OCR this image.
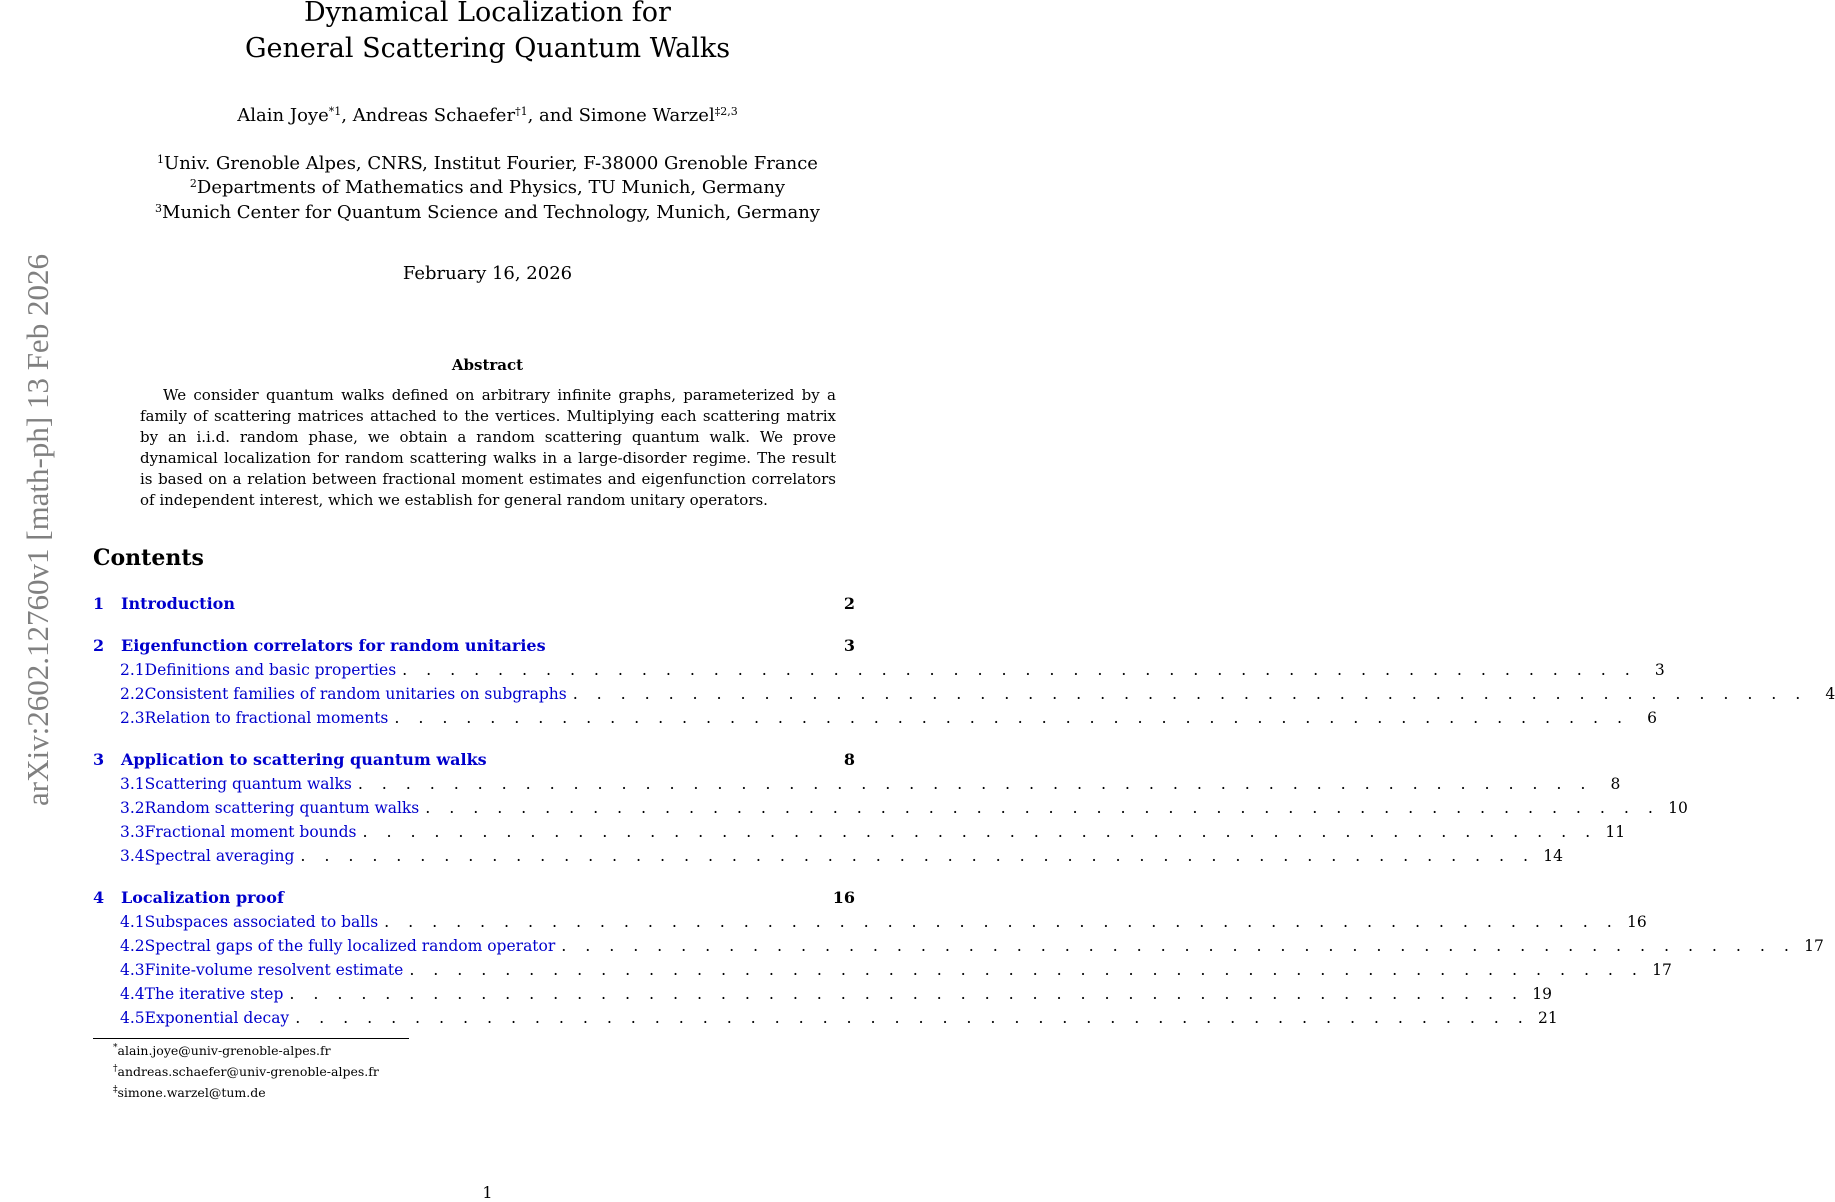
arXiv:2602.12760v1 [math-ph] 13 Feb 2026
Dynamical Localization for
General Scattering Quantum Walks
Alain Joye$^{*1}$, Andreas Schaefer$^{\dagger 1}$, and Simone Warzel$^{\ddagger 2,3}$
$^1$Univ. Grenoble Alpes, CNRS, Institut Fourier, F-38000 Grenoble France
$^2$Departments of Mathematics and Physics, TU Munich, Germany
$^3$Munich Center for Quantum Science and Technology, Munich, Germany
February 16, 2026
Abstract
We consider quantum walks defined on arbitrary infinite graphs, parameterized by a family of scattering matrices attached to the vertices. Multiplying each scattering matrix by an i.i.d. random phase, we obtain a random scattering quantum walk. We prove dynamical localization for random scattering walks in a large-disorder regime. The result is based on a relation between fractional moment estimates and eigenfunction correlators of independent interest, which we establish for general random unitary operators.
Contents
1	Introduction	2
2	Eigenfunction correlators for random unitaries	3
2.1 Definitions and basic properties . . . . . . . . . . . . . . . . . . . . . . . . . . . . . . . . . . . . . . . . . . . . . . . . . . . .	3
2.2 Consistent families of random unitaries on subgraphs . . . . . . . . . . . . . . . . . . . . . . . . . . . . . . . . . . . . . . . . . . . . . . . . . . . .	4
2.3 Relation to fractional moments . . . . . . . . . . . . . . . . . . . . . . . . . . . . . . . . . . . . . . . . . . . . . . . . . . . .	6
3	Application to scattering quantum walks	8
3.1 Scattering quantum walks . . . . . . . . . . . . . . . . . . . . . . . . . . . . . . . . . . . . . . . . . . . . . . . . . . . .	8
3.2 Random scattering quantum walks . . . . . . . . . . . . . . . . . . . . . . . . . . . . . . . . . . . . . . . . . . . . . . . . . . . . 10
3.3 Fractional moment bounds . . . . . . . . . . . . . . . . . . . . . . . . . . . . . . . . . . . . . . . . . . . . . . . . . . . . 11
3.4 Spectral averaging . . . . . . . . . . . . . . . . . . . . . . . . . . . . . . . . . . . . . . . . . . . . . . . . . . . . 14
4	Localization proof	16
4.1 Subspaces associated to balls . . . . . . . . . . . . . . . . . . . . . . . . . . . . . . . . . . . . . . . . . . . . . . . . . . . . 16
4.2 Spectral gaps of the fully localized random operator . . . . . . . . . . . . . . . . . . . . . . . . . . . . . . . . . . . . . . . . . . . . . . . . . . . . 17
4.3 Finite-volume resolvent estimate . . . . . . . . . . . . . . . . . . . . . . . . . . . . . . . . . . . . . . . . . . . . . . . . . . . . 17
4.4 The iterative step . . . . . . . . . . . . . . . . . . . . . . . . . . . . . . . . . . . . . . . . . . . . . . . . . . . . 19
4.5 Exponential decay . . . . . . . . . . . . . . . . . . . . . . . . . . . . . . . . . . . . . . . . . . . . . . . . . . . . 21
*alain.joye@univ-grenoble-alpes.fr
†andreas.schaefer@univ-grenoble-alpes.fr
‡simone.warzel@tum.de
1
